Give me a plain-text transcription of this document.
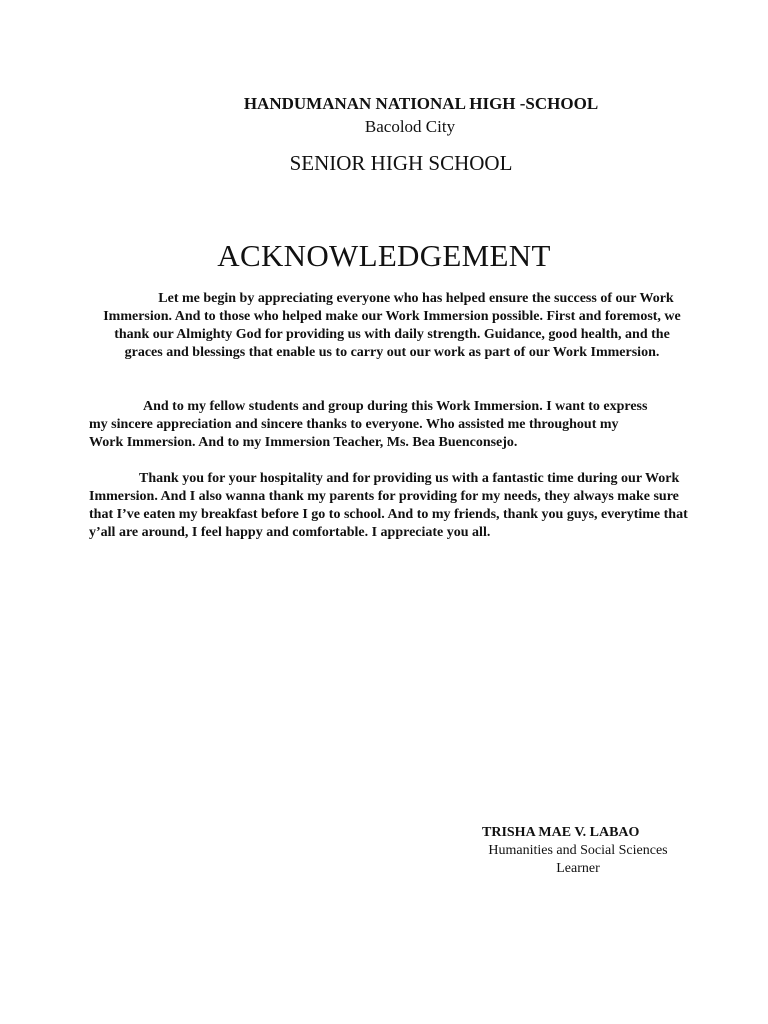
HANDUMANAN NATIONAL HIGH -SCHOOL
Bacolod City
SENIOR HIGH SCHOOL
ACKNOWLEDGEMENT

Let me begin by appreciating everyone who has helped ensure the success of our Work Immersion. And to those who helped make our Work Immersion possible. First and foremost, we thank our Almighty God for providing us with daily strength. Guidance, good health, and the graces and blessings that enable us to carry out our work as part of our Work Immersion.

And to my fellow students and group during this Work Immersion. I want to express my sincere appreciation and sincere thanks to everyone. Who assisted me throughout my Work Immersion. And to my Immersion Teacher, Ms. Bea Buenconsejo.

Thank you for your hospitality and for providing us with a fantastic time during our Work Immersion. And I also wanna thank my parents for providing for my needs, they always make sure that I’ve eaten my breakfast before I go to school. And to my friends, thank you guys, everytime that y’all are around, I feel happy and comfortable. I appreciate you all.

TRISHA MAE V. LABAO
Humanities and Social Sciences
Learner
